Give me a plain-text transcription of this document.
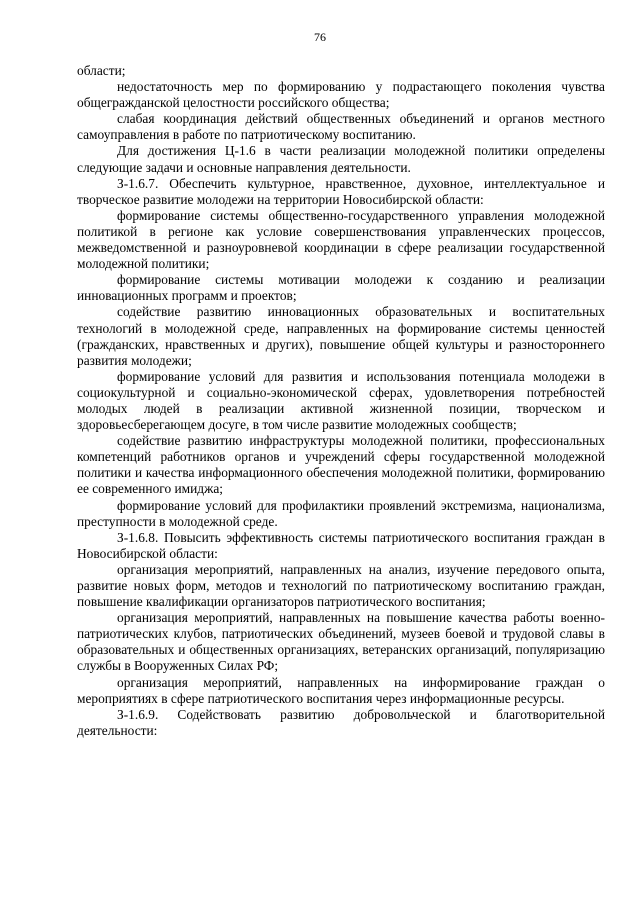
76

области;

недостаточность мер по формированию у подрастающего поколения чувства общегражданской целостности российского общества;

слабая координация действий общественных объединений и органов местного самоуправления в работе по патриотическому воспитанию.

Для достижения Ц-1.6 в части реализации молодежной политики определены следующие задачи и основные направления деятельности.

З-1.6.7. Обеспечить культурное, нравственное, духовное, интеллектуальное и творческое развитие молодежи на территории Новосибирской области:

формирование системы общественно-государственного управления молодежной политикой в регионе как условие совершенствования управленческих процессов, межведомственной и разноуровневой координации в сфере реализации государственной молодежной политики;

формирование системы мотивации молодежи к созданию и реализации инновационных программ и проектов;

содействие развитию инновационных образовательных и воспитательных технологий в молодежной среде, направленных на формирование системы ценностей (гражданских, нравственных и других), повышение общей культуры и разностороннего развития молодежи;

формирование условий для развития и использования потенциала молодежи в социокультурной и социально-экономической сферах, удовлетворения потребностей молодых людей в реализации активной жизненной позиции, творческом и здоровьесберегающем досуге, в том числе развитие молодежных сообществ;

содействие развитию инфраструктуры молодежной политики, профессиональных компетенций работников органов и учреждений сферы государственной молодежной политики и качества информационного обеспечения молодежной политики, формированию ее современного имиджа;

формирование условий для профилактики проявлений экстремизма, национализма, преступности в молодежной среде.

З-1.6.8. Повысить эффективность системы патриотического воспитания граждан в Новосибирской области:

организация мероприятий, направленных на анализ, изучение передового опыта, развитие новых форм, методов и технологий по патриотическому воспитанию граждан, повышение квалификации организаторов патриотического воспитания;

организация мероприятий, направленных на повышение качества работы военно-патриотических клубов, патриотических объединений, музеев боевой и трудовой славы в образовательных и общественных организациях, ветеранских организаций, популяризацию службы в Вооруженных Силах РФ;

организация мероприятий, направленных на информирование граждан о мероприятиях в сфере патриотического воспитания через информационные ресурсы.

З-1.6.9. Содействовать развитию добровольческой и благотворительной деятельности:
